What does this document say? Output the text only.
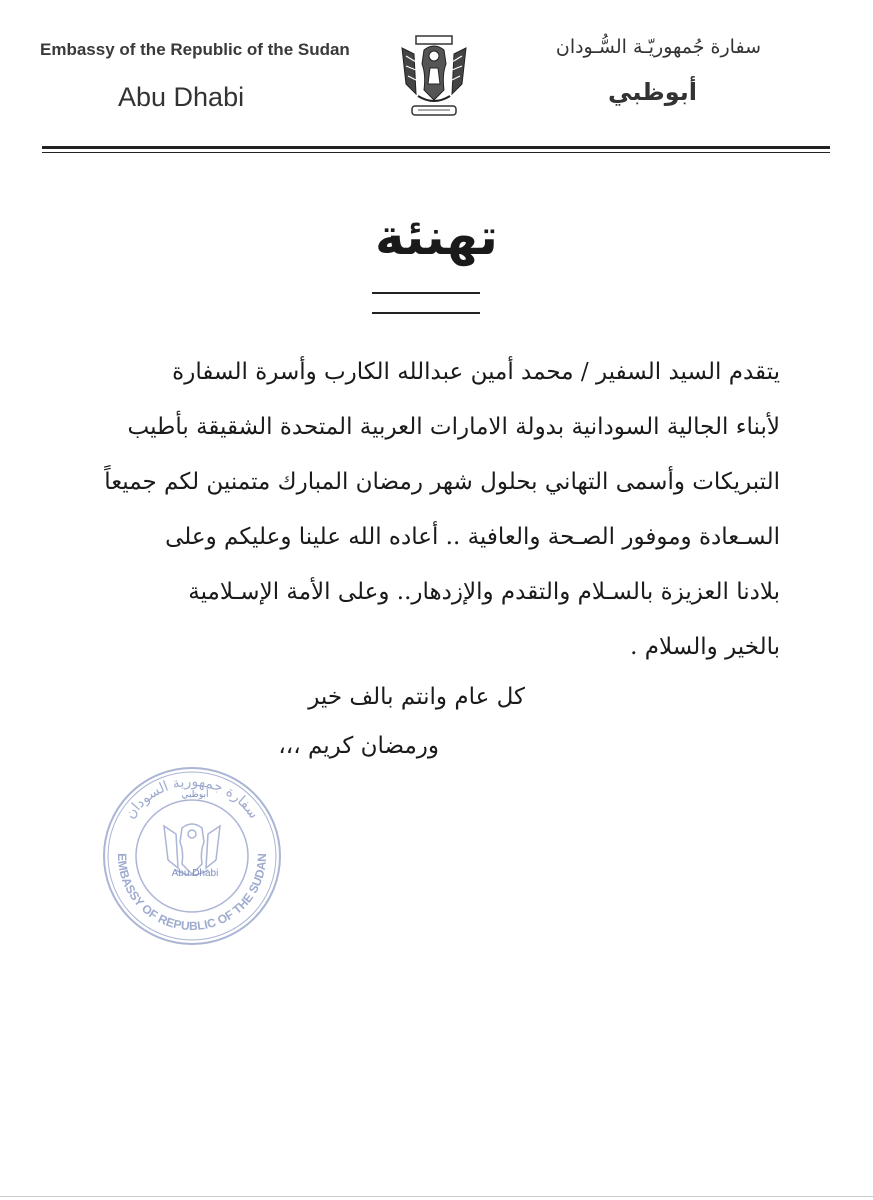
Embassy of the Republic of the Sudan
Abu Dhabi
سفارة جُمهوريّـة السُّـودان
أبوظبي
تهنئة
يتقدم السيد السفير / محمد أمين عبدالله الكارب وأسرة السفارة
لأبناء الجالية السودانية بدولة الامارات العربية المتحدة الشقيقة بأطيب
التبريكات وأسمى التهاني بحلول شهر رمضان المبارك متمنين لكم جميعاً
السـعادة وموفور الصـحة والعافية .. أعاده الله علينا وعليكم وعلى
بلادنا العزيزة بالسـلام والتقدم والإزدهار.. وعلى الأمة الإسـلامية
بالخير والسلام .
كل عام وانتم بالف خير
ورمضان كريم ،،،
سفارة جمهورية السودان
EMBASSY OF REPUBLIC OF THE SUDAN
أبوظبي
Abu Dhabi
